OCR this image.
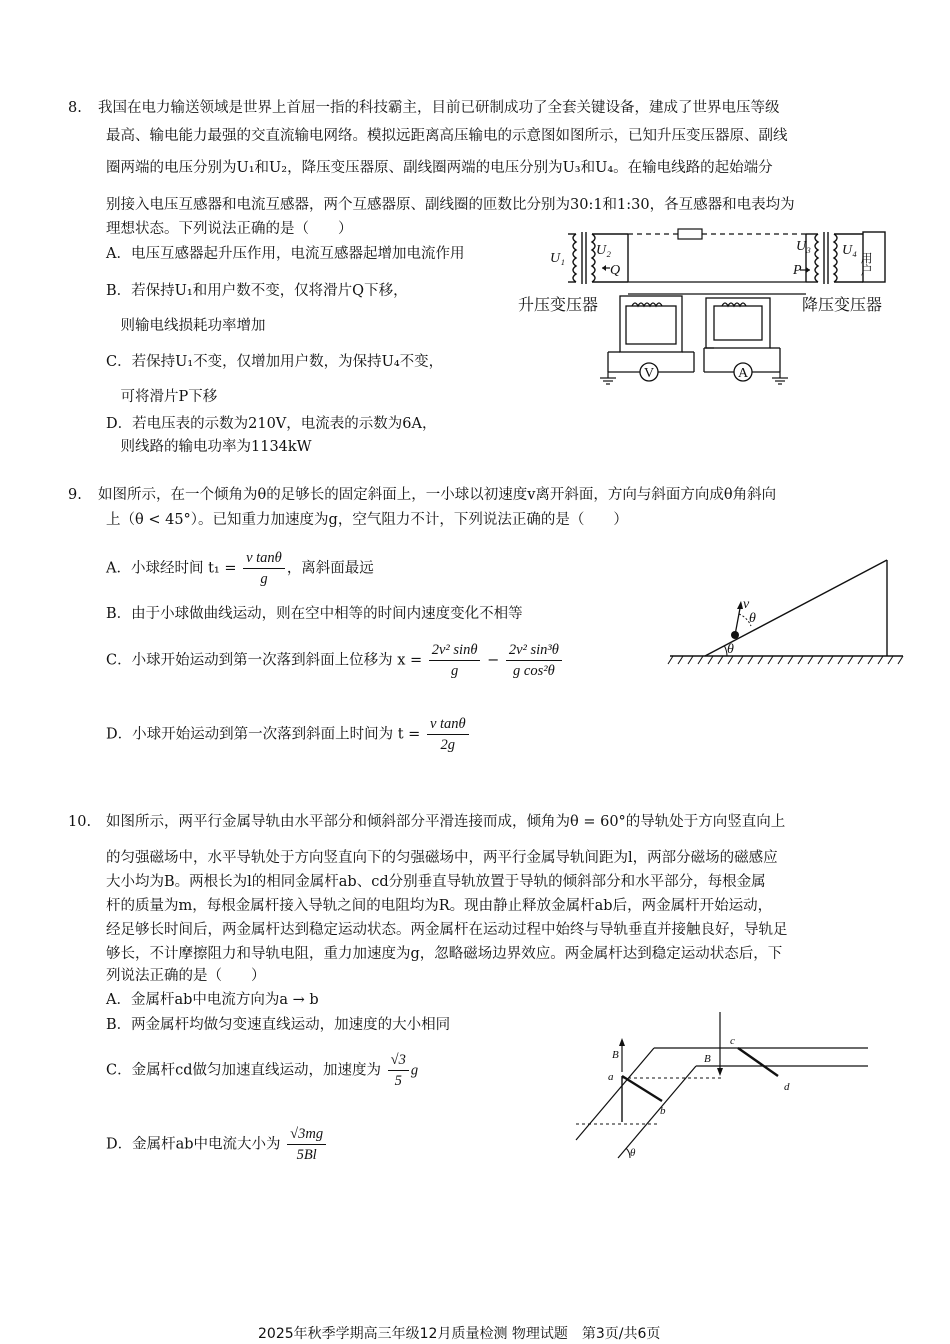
8. 我国在电力输送领域是世界上首屈一指的科技霸主，目前已研制成功了全套关键设备，建成了世界电压等级
最高、输电能力最强的交直流输电网络。模拟远距离高压输电的示意图如图所示，已知升压变压器原、副线
圈两端的电压分别为U₁和U₂，降压变压器原、副线圈两端的电压分别为U₃和U₄。在输电线路的起始端分
别接入电压互感器和电流互感器，两个互感器原、副线圈的匝数比分别为30:1和1:30，各互感器和电表均为
理想状态。下列说法正确的是（　　）
A．电压互感器起升压作用，电流互感器起增加电流作用
B．若保持U₁和用户数不变，仅将滑片Q下移，
　则输电线损耗功率增加
C．若保持U₁不变，仅增加用户数，为保持U₄不变，
　可将滑片P下移
D．若电压表的示数为210V，电流表的示数为6A，
　则线路的输电功率为1134kW
V	A
U₁
U₂
Q
U₃
P
U₄
用户
升压变压器	降压变压器
9. 如图所示，在一个倾角为θ的足够长的固定斜面上，一小球以初速度v离开斜面，方向与斜面方向成θ角斜向
上（θ < 45°）。已知重力加速度为g，空气阻力不计，下列说法正确的是（　　）
A．小球经时间 $t_1 = \frac{\text{v tanθ}}{g}$ ，离斜面最远
B．由于小球做曲线运动，则在空中相等的时间内速度变化不相等
C．小球开始运动到第一次落到斜面上位移为 $x = \frac{\text{2v² sinθ}}{g} - \frac{\text{2v² sin³θ}}{\text{g cos²θ}}$
D．小球开始运动到第一次落到斜面上时间为 $t = \frac{\text{v tanθ}}{2g}$
v
θ
θ
10. 如图所示，两平行金属导轨由水平部分和倾斜部分平滑连接而成，倾角为θ = 60°的导轨处于方向竖直向上
的匀强磁场中，水平导轨处于方向竖直向下的匀强磁场中，两平行金属导轨间距为l，两部分磁场的磁感应
大小均为B。两根长为l的相同金属杆ab、cd分别垂直导轨放置于导轨的倾斜部分和水平部分，每根金属
杆的质量为m，每根金属杆接入导轨之间的电阻均为R。现由静止释放金属杆ab后，两金属杆开始运动，
经足够长时间后，两金属杆达到稳定运动状态。两金属杆在运动过程中始终与导轨垂直并接触良好，导轨足
够长，不计摩擦阻力和导轨电阻，重力加速度为g，忽略磁场边界效应。两金属杆达到稳定运动状态后，下
列说法正确的是（　　）
A．金属杆ab中电流方向为a → b
B．两金属杆均做匀变速直线运动，加速度的大小相同
C．金属杆cd做匀加速直线运动，加速度为 $\frac{√3}{5}$ g
D．金属杆ab中电流大小为 $\frac{√3mg}{5Bl}$
B	B
a
b
c
d
θ
2025年秋季学期高三年级12月质量检测 物理试题　第3页/共6页
